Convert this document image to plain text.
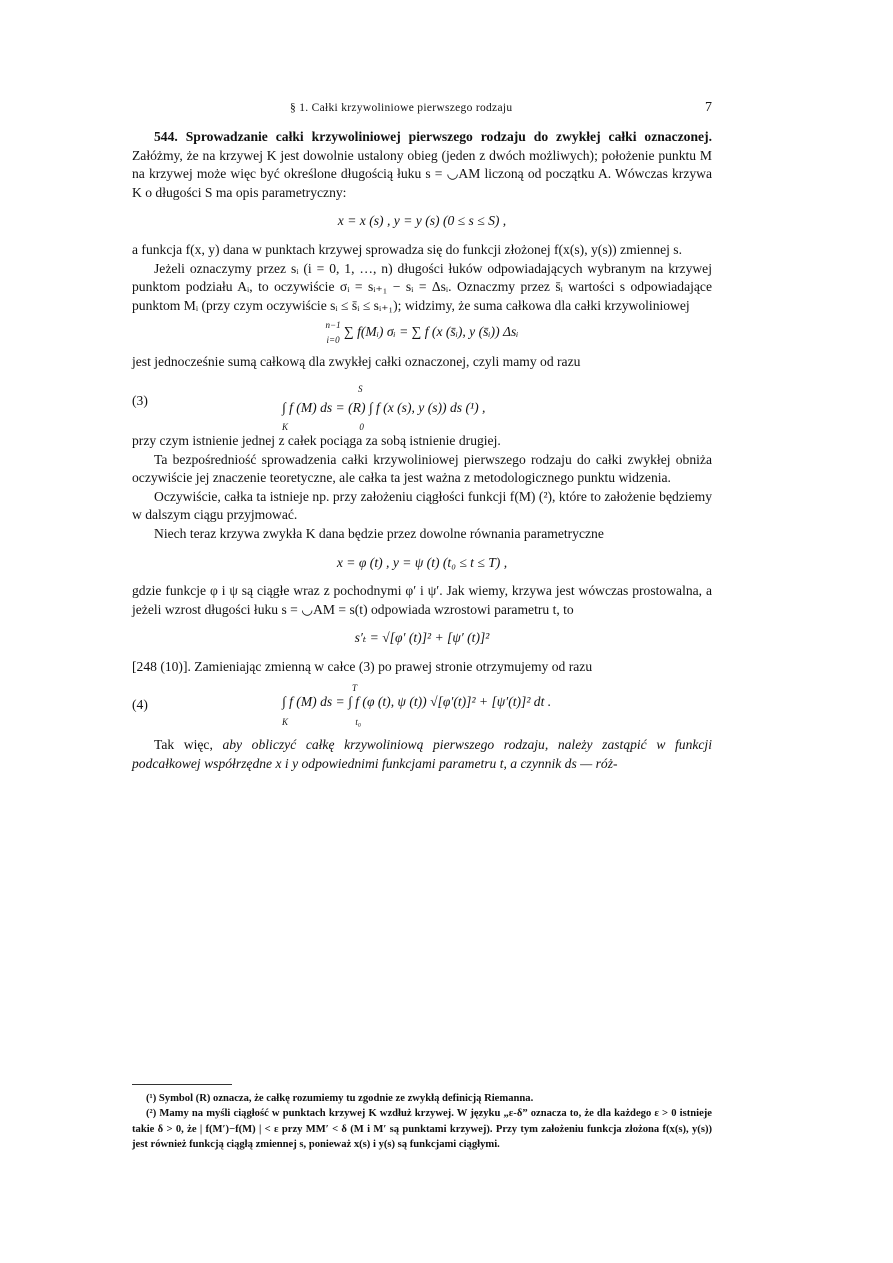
§ 1. Całki krzywoliniowe pierwszego rodzaju	7

544. Sprowadzanie całki krzywoliniowej pierwszego rodzaju do zwykłej całki oznaczonej. Załóżmy, że na krzywej K jest dowolnie ustalony obieg (jeden z dwóch możliwych); położenie punktu M na krzywej może więc być określone długością łuku s = ◡AM liczoną od początku A. Wówczas krzywa K o długości S ma opis parametryczny:

x = x (s) , y = y (s) (0 ≤ s ≤ S) ,

a funkcja f(x, y) dana w punktach krzywej sprowadza się do funkcji złożonej f(x(s), y(s)) zmiennej s.

Jeżeli oznaczymy przez sᵢ (i = 0, 1, …, n) długości łuków odpowiadających wybranym na krzywej punktom podziału Aᵢ, to oczywiście σᵢ = sᵢ₊₁ − sᵢ = Δsᵢ. Oznaczmy przez s̄ᵢ wartości s odpowiadające punktom Mᵢ (przy czym oczywiście sᵢ ≤ s̄ᵢ ≤ sᵢ₊₁); widzimy, że suma całkowa dla całki krzywoliniowej

n−1
i=0
∑ f(Mᵢ) σᵢ = ∑ f (x (s̄ᵢ), y (s̄ᵢ)) Δsᵢ

jest jednocześnie sumą całkową dla zwykłej całki oznaczonej, czyli mamy od razu

(3)
S

∫ f (M) ds = (R) ∫ f (x (s), y (s)) ds (¹) ,
K	0

przy czym istnienie jednej z całek pociąga za sobą istnienie drugiej.

Ta bezpośredniość sprowadzenia całki krzywoliniowej pierwszego rodzaju do całki zwykłej obniża oczywiście jej znaczenie teoretyczne, ale całka ta jest ważna z metodologicznego punktu widzenia.

Oczywiście, całka ta istnieje np. przy założeniu ciągłości funkcji f(M) (²), które to założenie będziemy w dalszym ciągu przyjmować.

Niech teraz krzywa zwykła K dana będzie przez dowolne równania parametryczne

x = φ (t) , y = ψ (t) (t₀ ≤ t ≤ T) ,

gdzie funkcje φ i ψ są ciągłe wraz z pochodnymi φ′ i ψ′. Jak wiemy, krzywa jest wówczas prostowalna, a jeżeli wzrost długości łuku s = ◡AM = s(t) odpowiada wzrostowi parametru t, to

s′ₜ = √[φ′ (t)]² + [ψ′ (t)]²

[248 (10)]. Zamieniając zmienną w całce (3) po prawej stronie otrzymujemy od razu

(4)
T
∫ f (M) ds = ∫ f (φ (t), ψ (t)) √[φ′(t)]² + [ψ′(t)]² dt .
K	t₀

Tak więc, aby obliczyć całkę krzywoliniową pierwszego rodzaju, należy zastąpić w funkcji podcałkowej współrzędne x i y odpowiednimi funkcjami parametru t, a czynnik ds — róż-

(¹) Symbol (R) oznacza, że całkę rozumiemy tu zgodnie ze zwykłą definicją Riemanna.

(²) Mamy na myśli ciągłość w punktach krzywej K wzdłuż krzywej. W języku „ε-δ” oznacza to, że dla każdego ε > 0 istnieje takie δ > 0, że | f(M′)−f(M) | < ε przy MM′ < δ (M i M′ są punktami krzywej). Przy tym założeniu funkcja złożona f(x(s), y(s)) jest również funkcją ciągłą zmiennej s, ponieważ x(s) i y(s) są funkcjami ciągłymi.
